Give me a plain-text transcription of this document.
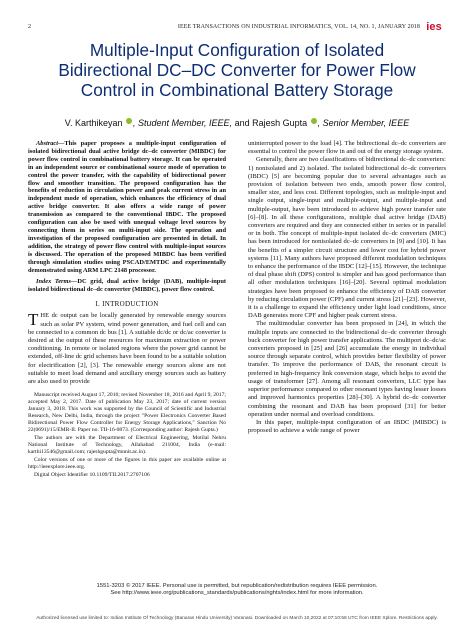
2	IEEE TRANSACTIONS ON INDUSTRIAL INFORMATICS, VOL. 14, NO. 1, JANUARY 2018 ies
Multiple-Input Configuration of Isolated
Bidirectional DC–DC Converter for Power Flow
Control in Combinational Battery Storage
V. Karthikeyan , Student Member, IEEE, and Rajesh Gupta , Senior Member, IEEE

Abstract—This paper proposes a multiple-input configuration of isolated bidirectional dual active bridge dc–dc converter (MIBDC) for power flow control in combinational battery storage. It can be operated in an independent source or combinational source mode of operation to control the power transfer, with the capability of bidirectional power flow and smoother transition. The proposed configuration has the benefits of reduction in circulation power and peak current stress in an independent mode of operation, which enhances the efficiency of dual active bridge converter. It also offers a wide range of power transmission as compared to the conventional IBDC. The proposed configuration can also be used with unequal voltage level sources by connecting them in series on multi-input side. The operation and investigation of the proposed configuration are presented in detail. In addition, the strategy of power flow control with multiple-input sources is discussed. The operation of the proposed MIBDC has been verified through simulation studies using PSCAD/EMTDC and experimentally demonstrated using ARM LPC 2148 processor.

Index Terms—DC grid, dual active bridge (DAB), multiple-input isolated bidirectional dc–dc converter (MIBDC), power flow control.

I. INTRODUCTION

THE dc output can be locally generated by renewable energy sources such as solar PV system, wind power generation, and fuel cell and can be connected to a common dc bus [1]. A suitable dc/dc or dc/ac converter is desired at the output of these resources for maximum extraction or power conditioning. In remote or isolated regions where the power grid cannot be extended, off-line dc grid schemes have been found to be a suitable solution for electrification [2], [3]. The renewable energy sources alone are not suitable to meet load demand and auxiliary energy sources such as battery are also used to provide

Manuscript received August 17, 2016; revised November 18, 2016 and April 9, 2017; accepted May 2, 2017. Date of publication May 23, 2017; date of current version January 3, 2018. This work was supported by the Council of Scientific and Industrial Research, New Delhi, India, through the project "Power Electronics Converter Based Bidirectional Power Flow Controller for Energy Storage Applications," Sanction No 22(0691)/15/EMR-II. Paper no. TII-16-0873. (Corresponding author: Rajesh Gupta.)

The authors are with the Department of Electrical Engineering, Motilal Nehru National Institute of Technology, Allahabad 211004, India (e-mail: karthi13546@gmail.com; rajeshgupta@mnnit.ac.in).

Color versions of one or more of the figures in this paper are available online at http://ieeexplore.ieee.org.

Digital Object Identifier 10.1109/TII.2017.2707106

uninterrupted power to the load [4]. The bidirectional dc–dc converters are essential to control the power flow in and out of the energy storage system.

Generally, there are two classifications of bidirectional dc–dc converters: 1) nonisolated and 2) isolated. The isolated bidirectional dc–dc converters (IBDC) [5] are becoming popular due to several advantages such as provision of isolation between two ends, smooth power flow control, smaller size, and less cost. Different topologies, such as multiple-input and single output, single-input and multiple-output, and multiple-input and multiple-output, have been introduced to achieve high power transfer rate [6]–[8]. In all these configurations, multiple dual active bridge (DAB) converters are required and they are connected either in series or in parallel or in both. The concept of multiple-input isolated dc–dc converters (MIC) has been introduced for nonisolated dc–dc converters in [9] and [10]. It has the benefits of a simpler circuit structure and lower cost for hybrid power systems [11]. Many authors have proposed different modulation techniques to enhance the performance of the IBDC [12]–[15]. However, the technique of dual phase shift (DPS) control is simpler and has good performance than all other modulation techniques [16]–[20]. Several optimal modulation strategies have been proposed to enhance the efficiency of DAB converter by reducing circulation power (CPF) and current stress [21]–[23]. However, it is a challenge to expand the efficiency under light load conditions, since DAB generates more CPF and higher peak current stress.

The multimodular converter has been proposed in [24], in which the multiple inputs are connected to the bidirectional dc–dc converter through buck converter for high power transfer applications. The multiport dc–dc/ac converters proposed in [25] and [26] accumulate the energy in individual source through separate control, which provides better flexibility of power transfer. To improve the performance of DAB, the resonant circuit is preferred in high-frequency link conversion stage, which helps to avoid the usage of transformer [27]. Among all resonant converters, LLC type has superior performance compared to other resonant types having lesser losses and improved harmonics properties [28]–[30]. A hybrid dc–dc converter combining the resonant and DAB has been proposed [31] for better operation under normal and overload conditions.

In this paper, multiple-input configuration of an IBDC (MIBDC) is proposed to achieve a wide range of power

1551-3203 © 2017 IEEE. Personal use is permitted, but republication/redistribution requires IEEE permission.
See http://www.ieee.org/publications_standards/publications/rights/index.html for more information.
Authorized licensed use limited to: Indian Institute Of Technology (Banaras Hindu University) Varanasi. Downloaded on March 10,2022 at 07:10:58 UTC from IEEE Xplore. Restrictions apply.
